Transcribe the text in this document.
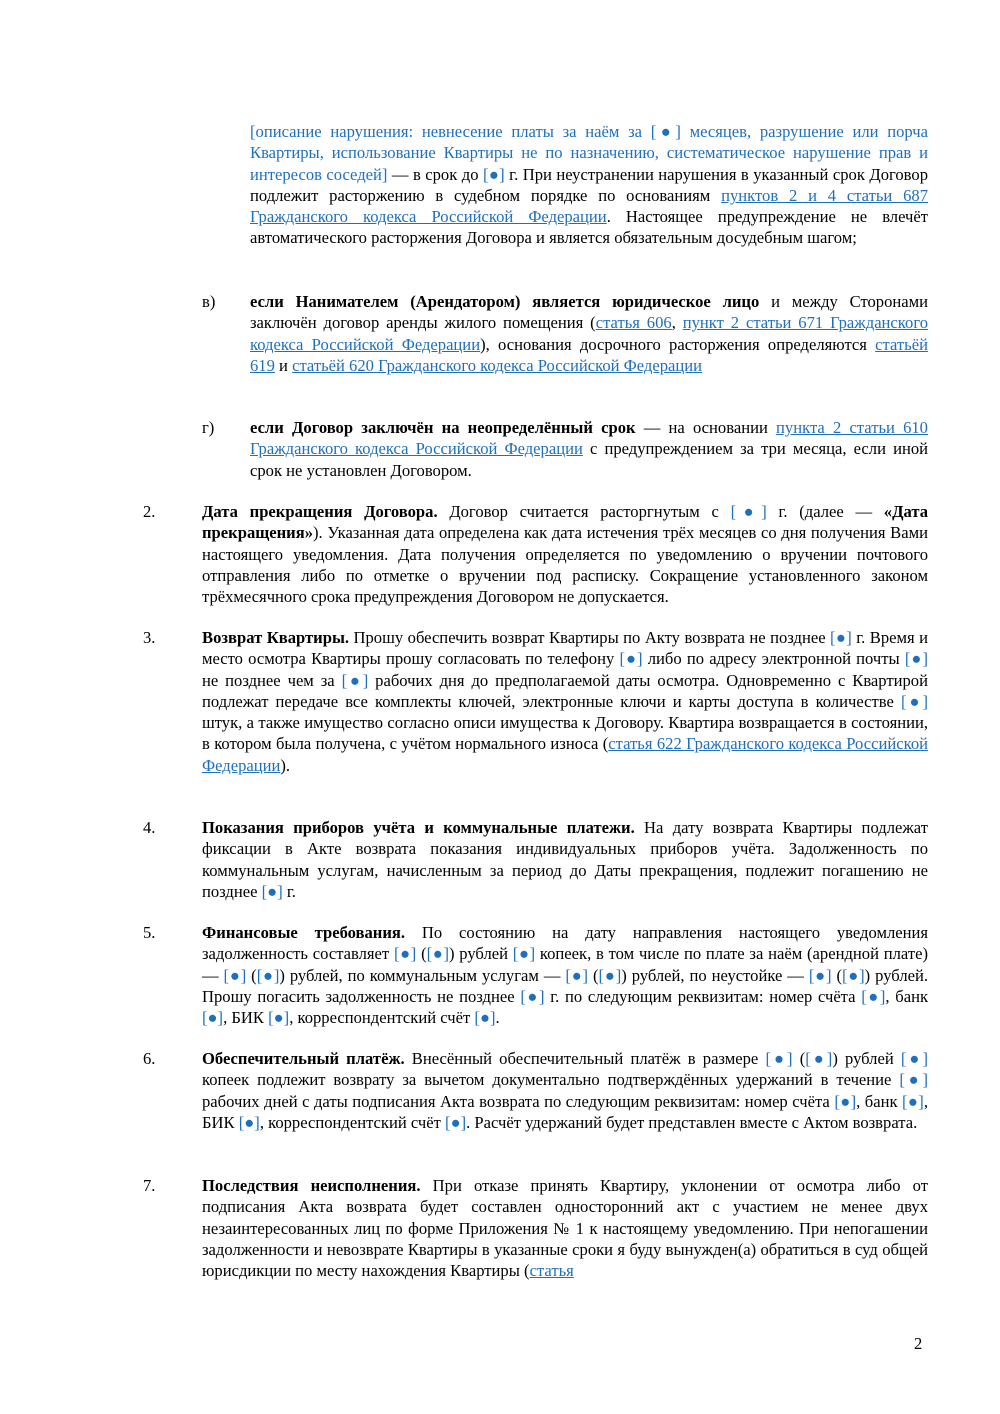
[описание нарушения: невнесение платы за наём за [●] месяцев, разрушение или порча Квартиры, использование Квартиры не по назначению, систематическое нарушение прав и интересов соседей] — в срок до [●] г. При неустранении нарушения в указанный срок Договор подлежит расторжению в судебном порядке по основаниям пунктов 2 и 4 статьи 687 Гражданского кодекса Российской Федерации. Настоящее предупреждение не влечёт автоматического расторжения Договора и является обязательным досудебным шагом;

в) если Нанимателем (Арендатором) является юридическое лицо и между Сторонами заключён договор аренды жилого помещения (статья 606, пункт 2 статьи 671 Гражданского кодекса Российской Федерации), основания досрочного расторжения определяются статьёй 619 и статьёй 620 Гражданского кодекса Российской Федерации

г) если Договор заключён на неопределённый срок — на основании пункта 2 статьи 610 Гражданского кодекса Российской Федерации с предупреждением за три месяца, если иной срок не установлен Договором.

2.	Дата прекращения Договора. Договор считается расторгнутым с [●] г. (далее — «Дата прекращения»). Указанная дата определена как дата истечения трёх месяцев со дня получения Вами настоящего уведомления. Дата получения определяется по уведомлению о вручении почтового отправления либо по отметке о вручении под расписку. Сокращение установленного законом трёхмесячного срока предупреждения Договором не допускается.

3.	Возврат Квартиры. Прошу обеспечить возврат Квартиры по Акту возврата не позднее [●] г. Время и место осмотра Квартиры прошу согласовать по телефону [●] либо по адресу электронной почты [●] не позднее чем за [●] рабочих дня до предполагаемой даты осмотра. Одновременно с Квартирой подлежат передаче все комплекты ключей, электронные ключи и карты доступа в количестве [●] штук, а также имущество согласно описи имущества к Договору. Квартира возвращается в состоянии, в котором была получена, с учётом нормального износа (статья 622 Гражданского кодекса Российской Федерации).

4.	Показания приборов учёта и коммунальные платежи. На дату возврата Квартиры подлежат фиксации в Акте возврата показания индивидуальных приборов учёта. Задолженность по коммунальным услугам, начисленным за период до Даты прекращения, подлежит погашению не позднее [●] г.

5.	Финансовые требования. По состоянию на дату направления настоящего уведомления задолженность составляет [●] ([●]) рублей [●] копеек, в том числе по плате за наём (арендной плате) — [●] ([●]) рублей, по коммунальным услугам — [●] ([●]) рублей, по неустойке — [●] ([●]) рублей. Прошу погасить задолженность не позднее [●] г. по следующим реквизитам: номер счёта [●], банк [●], БИК [●], корреспондентский счёт [●].

6.	Обеспечительный платёж. Внесённый обеспечительный платёж в размере [●] ([●]) рублей [●] копеек подлежит возврату за вычетом документально подтверждённых удержаний в течение [●] рабочих дней с даты подписания Акта возврата по следующим реквизитам: номер счёта [●], банк [●], БИК [●], корреспондентский счёт [●]. Расчёт удержаний будет представлен вместе с Актом возврата.

7.	Последствия неисполнения. При отказе принять Квартиру, уклонении от осмотра либо от подписания Акта возврата будет составлен односторонний акт с участием не менее двух незаинтересованных лиц по форме Приложения № 1 к настоящему уведомлению. При непогашении задолженности и невозврате Квартиры в указанные сроки я буду вынужден(а) обратиться в суд общей юрисдикции по месту нахождения Квартиры (статья

2
